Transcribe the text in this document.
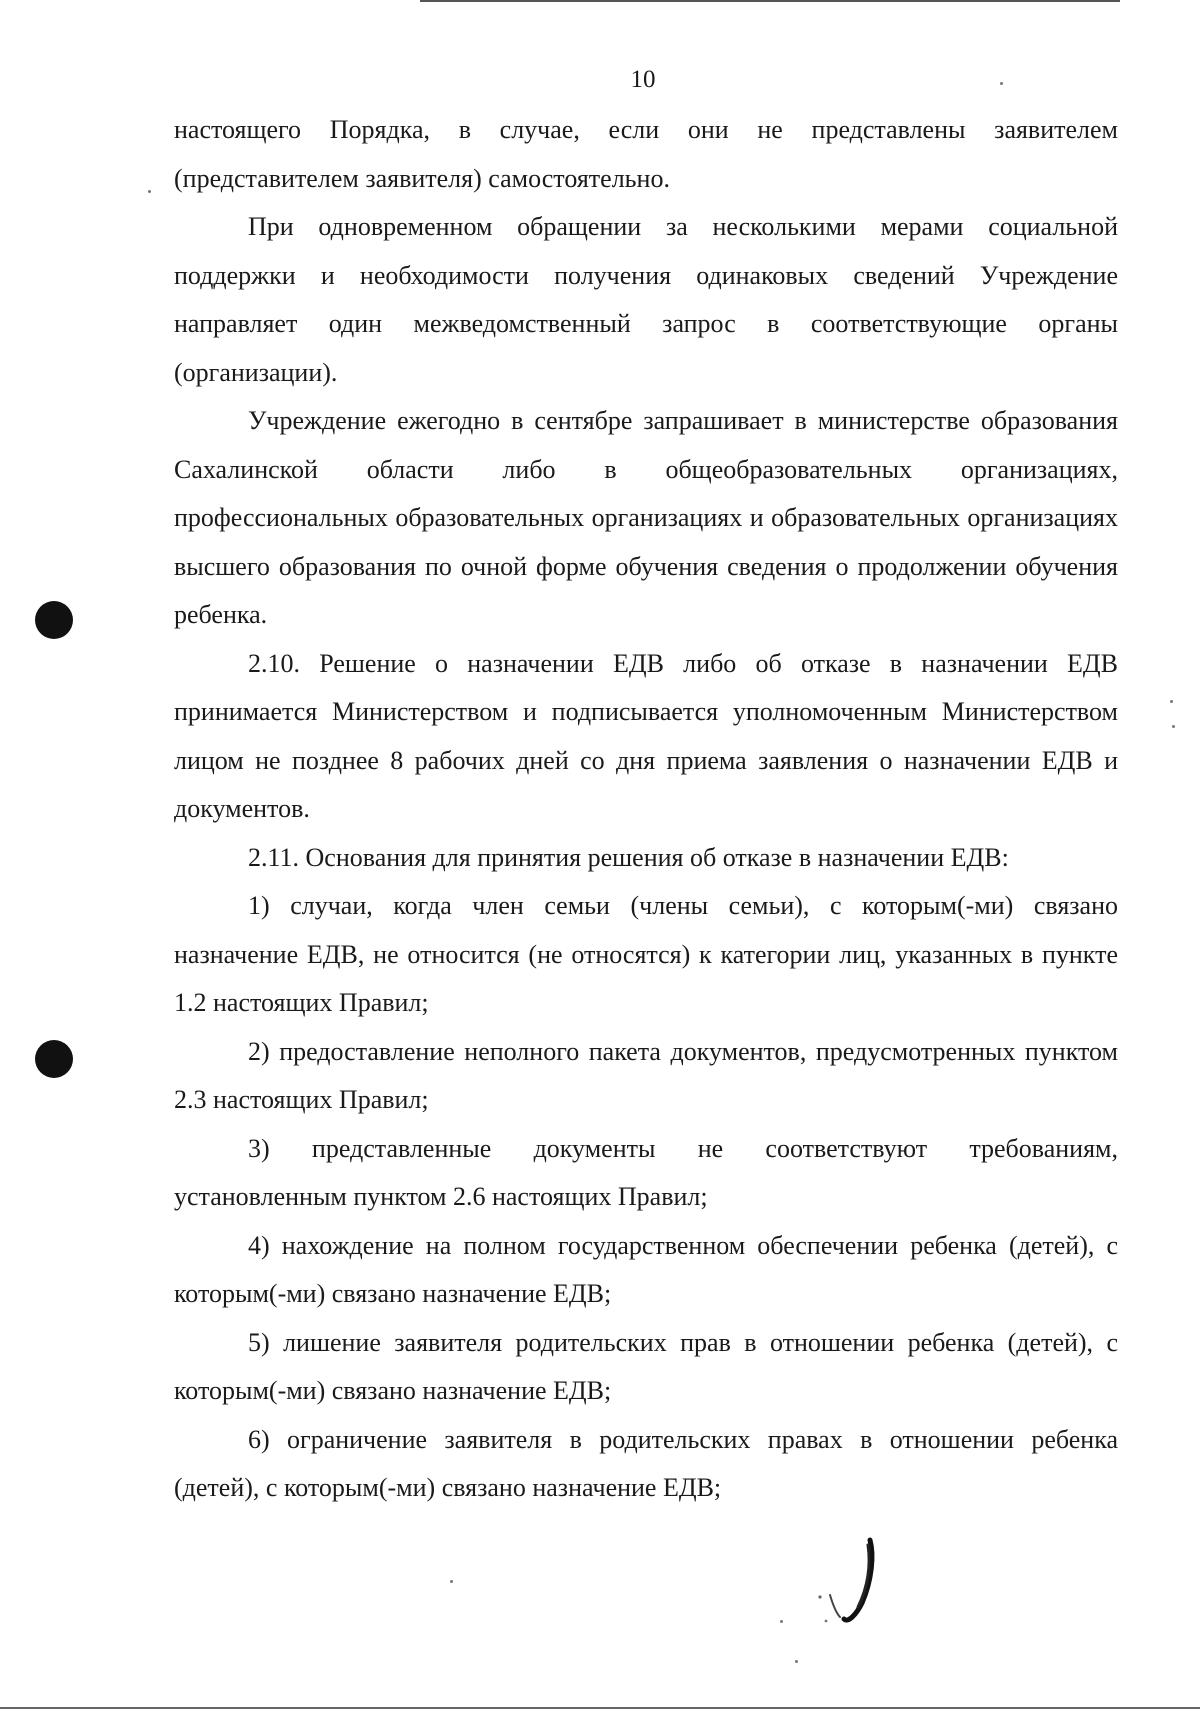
10

настоящего Порядка, в случае, если они не представлены заявителем (представителем заявителя) самостоятельно.

При одновременном обращении за несколькими мерами социальной поддержки и необходимости получения одинаковых сведений Учреждение направляет один межведомственный запрос в соответствующие органы (организации).

Учреждение ежегодно в сентябре запрашивает в министерстве образования Сахалинской области либо в общеобразовательных организациях, профессиональных образовательных организациях и образовательных организациях высшего образования по очной форме обучения сведения о продолжении обучения ребенка.

2.10. Решение о назначении ЕДВ либо об отказе в назначении ЕДВ принимается Министерством и подписывается уполномоченным Министерством лицом не позднее 8 рабочих дней со дня приема заявления о назначении ЕДВ и документов.

2.11. Основания для принятия решения об отказе в назначении ЕДВ:

1) случаи, когда член семьи (члены семьи), с которым(-ми) связано назначение ЕДВ, не относится (не относятся) к категории лиц, указанных в пункте 1.2 настоящих Правил;

2) предоставление неполного пакета документов, предусмотренных пунктом 2.3 настоящих Правил;

3) представленные документы не соответствуют требованиям, установленным пунктом 2.6 настоящих Правил;

4) нахождение на полном государственном обеспечении ребенка (детей), с которым(-ми) связано назначение ЕДВ;

5) лишение заявителя родительских прав в отношении ребенка (детей), с которым(-ми) связано назначение ЕДВ;

6) ограничение заявителя в родительских правах в отношении ребенка (детей), с которым(-ми) связано назначение ЕДВ;
